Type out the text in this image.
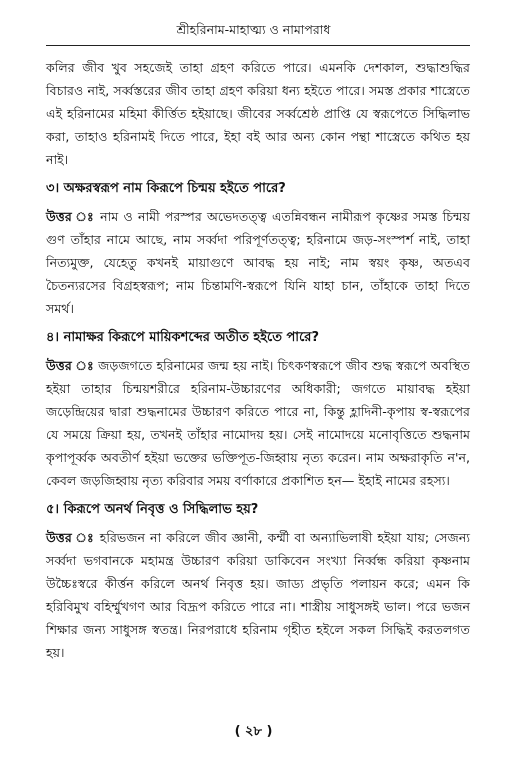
শ্রীহরিনাম-মাহাত্ম্য ও নামাপরাধ

কলির জীব খুব সহজেই তাহা গ্রহণ করিতে পারে। এমনকি দেশকাল, শুদ্ধাশুদ্ধির বিচারও নাই, সর্ব্বস্তরের জীব তাহা গ্রহণ করিয়া ধন্য হইতে পারে। সমস্ত প্রকার শাস্ত্রেতে এই হরিনামের মহিমা কীর্ত্তিত হইয়াছে। জীবের সর্ব্বশ্রেষ্ঠ প্রাপ্তি যে স্বরূপেতে সিদ্ধিলাভ করা, তাহাও হরিনামই দিতে পারে, ইহা বই আর অন্য কোন পন্থা শাস্ত্রেতে কথিত হয় নাই।

৩। অক্ষরস্বরূপ নাম কিরূপে চিন্ময় হইতে পারে?

উত্তর ঃ নাম ও নামী পরস্পর অভেদতত্ত্ব এতন্নিবন্ধন নামীরূপ কৃষ্ণের সমস্ত চিন্ময় গুণ তাঁহার নামে আছে, নাম সর্ব্বদা পরিপূর্ণতত্ত্ব; হরিনামে জড়-সংস্পর্শ নাই, তাহা নিত্যমুক্ত, যেহেতু কখনই মায়াগুণে আবদ্ধ হয় নাই; নাম স্বয়ং কৃষ্ণ, অতএব চৈতন্যরসের বিগ্রহস্বরূপ; নাম চিন্তামণি-স্বরূপে যিনি যাহা চান, তাঁহাকে তাহা দিতে সমর্থ।

৪। নামাক্ষর কিরূপে মায়িকশব্দের অতীত হইতে পারে?

উত্তর ঃ জড়জগতে হরিনামের জন্ম হয় নাই। চিৎকণস্বরূপে জীব শুদ্ধ স্বরূপে অবস্থিত হইয়া তাহার চিন্ময়শরীরে হরিনাম-উচ্চারণের অধিকারী; জগতে মায়াবদ্ধ হইয়া জড়েন্দ্রিয়ের দ্বারা শুদ্ধনামের উচ্চারণ করিতে পারে না, কিন্তু হ্লাদিনী-কৃপায় স্ব-স্বরূপের যে সময়ে ক্রিয়া হয়, তখনই তাঁহার নামোদয় হয়। সেই নামোদয়ে মনোবৃত্তিতে শুদ্ধনাম কৃপাপূর্ব্বক অবতীর্ণ হইয়া ভক্তের ভক্তিপূত-জিহ্বায় নৃত্য করেন। নাম অক্ষরাকৃতি ন'ন, কেবল জড়জিহ্বায় নৃত্য করিবার সময় বর্ণাকারে প্রকাশিত হন— ইহাই নামের রহস্য।

৫। কিরূপে অনর্থ নিবৃত্ত ও সিদ্ধিলাভ হয়?

উত্তর ঃ হরিভজন না করিলে জীব জ্ঞানী, কর্ম্মী বা অন্যাভিলাষী হইয়া যায়; সেজন্য সর্ব্বদা ভগবানকে মহামন্ত্র উচ্চারণ করিয়া ডাকিবেন সংখ্যা নির্ব্বন্ধ করিয়া কৃষ্ণনাম উচ্চৈঃস্বরে কীর্ত্তন করিলে অনর্থ নিবৃত্ত হয়। জাড্য প্রভৃতি পলায়ন করে; এমন কি হরিবিমুখ বহির্ম্মুখগণ আর বিদ্রূপ করিতে পারে না। শাস্ত্রীয় সাধুসঙ্গই ভাল। পরে ভজন শিক্ষার জন্য সাধুসঙ্গ স্বতন্ত্র। নিরপরাধে হরিনাম গৃহীত হইলে সকল সিদ্ধিই করতলগত হয়।

( ২৮ )
